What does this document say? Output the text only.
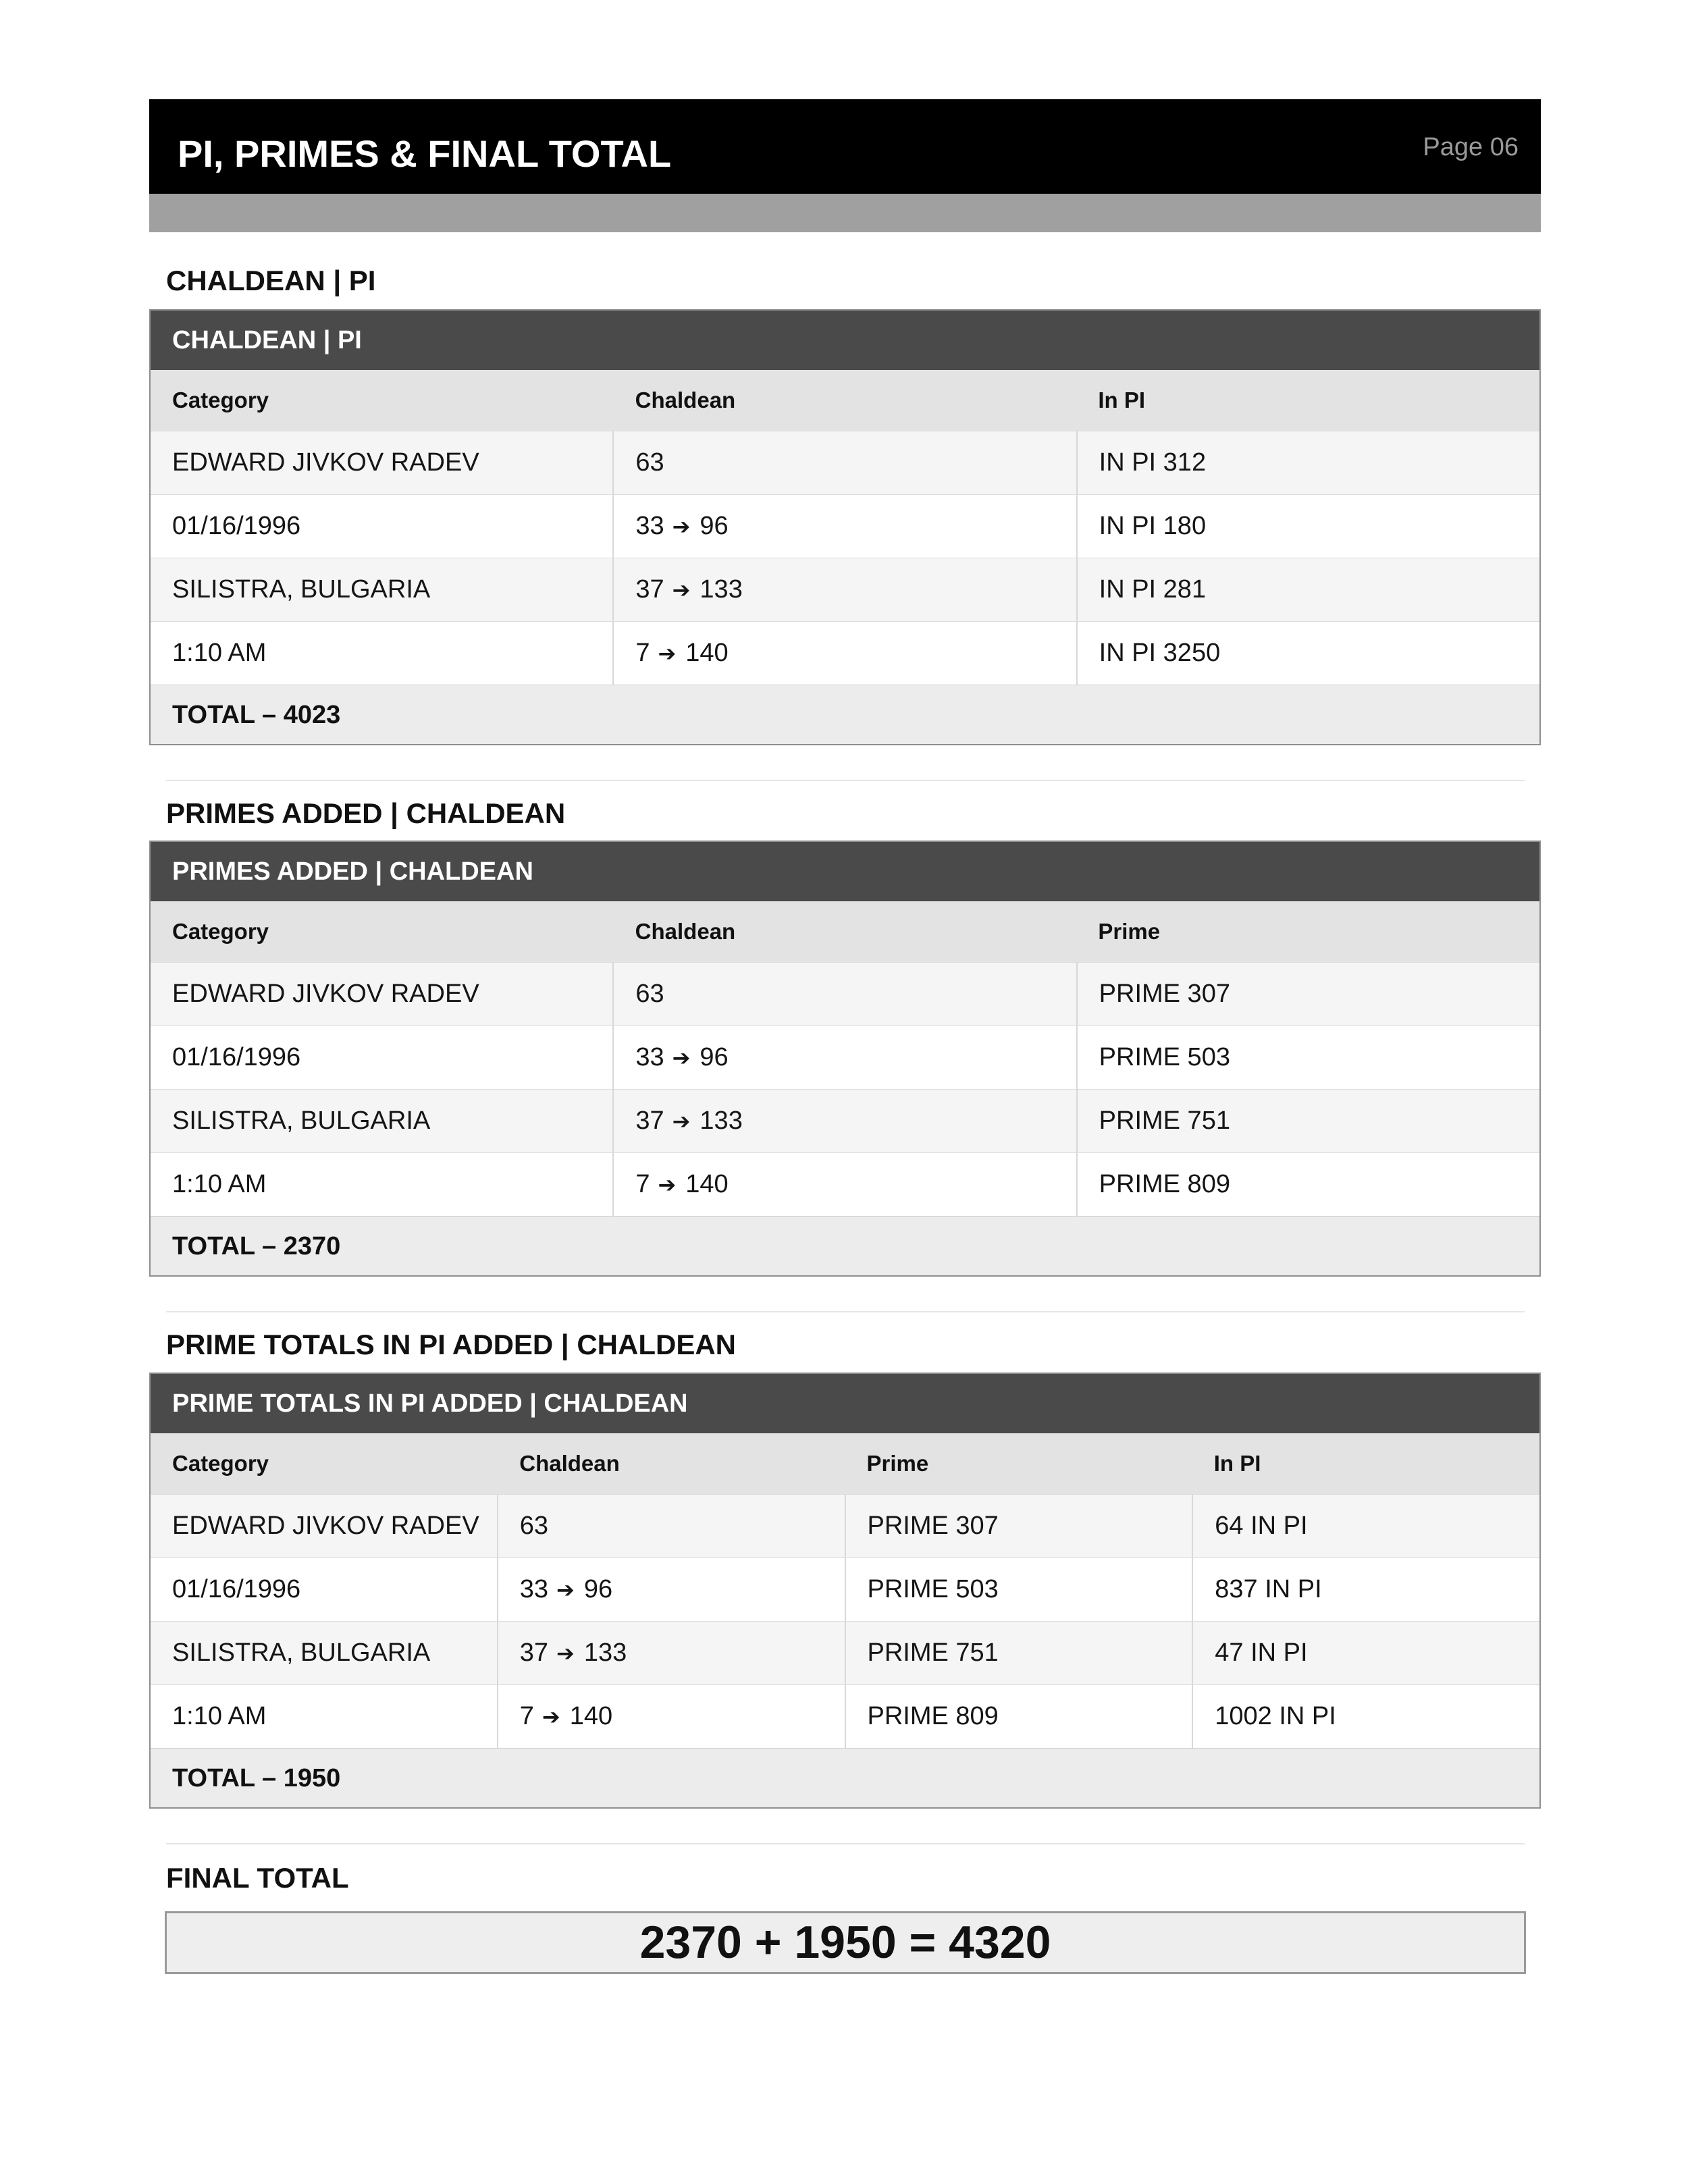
PI, PRIMES & FINAL TOTAL	Page 06
CHALDEAN | PI
CHALDEAN | PI
Category	Chaldean	In PI
EDWARD JIVKOV RADEV	63	IN PI 312
01/16/1996	33 ➔ 96	IN PI 180
SILISTRA, BULGARIA	37 ➔ 133	IN PI 281
1:10 AM	7 ➔ 140	IN PI 3250
TOTAL – 4023
PRIMES ADDED | CHALDEAN
PRIMES ADDED | CHALDEAN
Category	Chaldean	Prime
EDWARD JIVKOV RADEV	63	PRIME 307
01/16/1996	33 ➔ 96	PRIME 503
SILISTRA, BULGARIA	37 ➔ 133	PRIME 751
1:10 AM	7 ➔ 140	PRIME 809
TOTAL – 2370
PRIME TOTALS IN PI ADDED | CHALDEAN
PRIME TOTALS IN PI ADDED | CHALDEAN
Category	Chaldean	Prime	In PI
EDWARD JIVKOV RADEV	63	PRIME 307	64 IN PI
01/16/1996	33 ➔ 96	PRIME 503	837 IN PI
SILISTRA, BULGARIA	37 ➔ 133	PRIME 751	47 IN PI
1:10 AM	7 ➔ 140	PRIME 809	1002 IN PI
TOTAL – 1950
FINAL TOTAL
2370 + 1950 = 4320
